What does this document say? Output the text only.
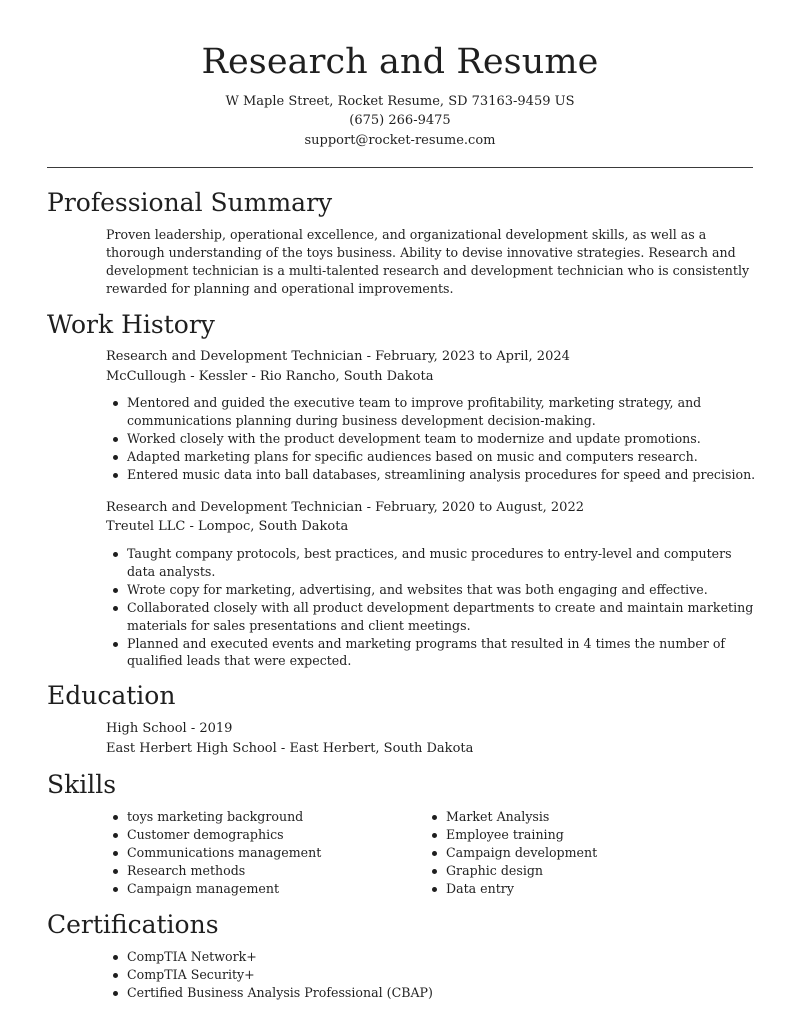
Research and Resume
W Maple Street, Rocket Resume, SD 73163-9459 US
(675) 266-9475
support@rocket-resume.com
Professional Summary

Proven leadership, operational excellence, and organizational development skills, as well as a thorough understanding of the toys business. Ability to devise innovative strategies. Research and development technician is a multi-talented research and development technician who is consistently rewarded for planning and operational improvements.

Work History
Research and Development Technician - February, 2023 to April, 2024
McCullough - Kessler - Rio Rancho, South Dakota
Mentored and guided the executive team to improve profitability, marketing strategy, and communications planning during business development decision-making.
Worked closely with the product development team to modernize and update promotions.
Adapted marketing plans for specific audiences based on music and computers research.
Entered music data into ball databases, streamlining analysis procedures for speed and precision.
Research and Development Technician - February, 2020 to August, 2022
Treutel LLC - Lompoc, South Dakota
Taught company protocols, best practices, and music procedures to entry-level and computers data analysts.
Wrote copy for marketing, advertising, and websites that was both engaging and effective.
Collaborated closely with all product development departments to create and maintain marketing materials for sales presentations and client meetings.
Planned and executed events and marketing programs that resulted in 4 times the number of qualified leads that were expected.
Education
High School - 2019
East Herbert High School - East Herbert, South Dakota
Skills
toys marketing background
Customer demographics
Communications management
Research methods
Campaign management
Market Analysis
Employee training
Campaign development
Graphic design
Data entry
Certifications
CompTIA Network+
CompTIA Security+
Certified Business Analysis Professional (CBAP)
